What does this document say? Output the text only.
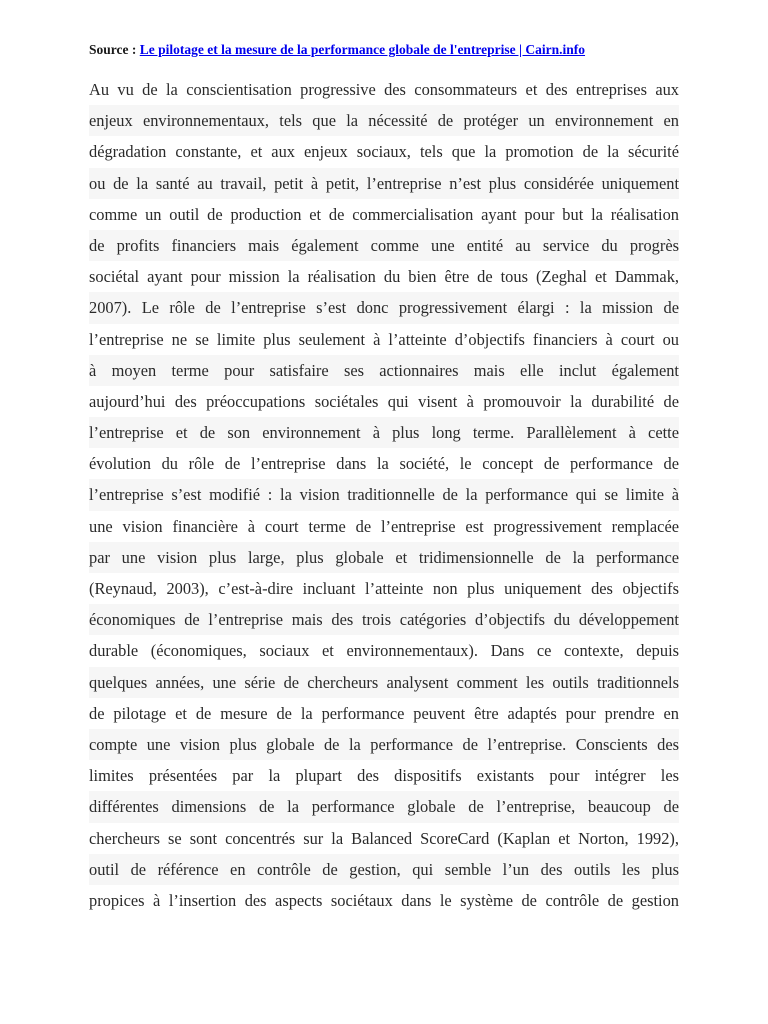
Source : Le pilotage et la mesure de la performance globale de l'entreprise | Cairn.info

Au vu de la conscientisation progressive des consommateurs et des entreprises aux
enjeux environnementaux, tels que la nécessité de protéger un environnement en
dégradation constante, et aux enjeux sociaux, tels que la promotion de la sécurité
ou de la santé au travail, petit à petit, l’entreprise n’est plus considérée uniquement
comme un outil de production et de commercialisation ayant pour but la réalisation
de profits financiers mais également comme une entité au service du progrès
sociétal ayant pour mission la réalisation du bien être de tous (Zeghal et Dammak,
2007). Le rôle de l’entreprise s’est donc progressivement élargi : la mission de
l’entreprise ne se limite plus seulement à l’atteinte d’objectifs financiers à court ou
à moyen terme pour satisfaire ses actionnaires mais elle inclut également
aujourd’hui des préoccupations sociétales qui visent à promouvoir la durabilité de
l’entreprise et de son environnement à plus long terme. Parallèlement à cette
évolution du rôle de l’entreprise dans la société, le concept de performance de
l’entreprise s’est modifié : la vision traditionnelle de la performance qui se limite à
une vision financière à court terme de l’entreprise est progressivement remplacée
par une vision plus large, plus globale et tridimensionnelle de la performance
(Reynaud, 2003), c’est-à-dire incluant l’atteinte non plus uniquement des objectifs
économiques de l’entreprise mais des trois catégories d’objectifs du développement
durable (économiques, sociaux et environnementaux). Dans ce contexte, depuis
quelques années, une série de chercheurs analysent comment les outils traditionnels
de pilotage et de mesure de la performance peuvent être adaptés pour prendre en
compte une vision plus globale de la performance de l’entreprise. Conscients des
limites présentées par la plupart des dispositifs existants pour intégrer les
différentes dimensions de la performance globale de l’entreprise, beaucoup de
chercheurs se sont concentrés sur la Balanced ScoreCard (Kaplan et Norton, 1992),
outil de référence en contrôle de gestion, qui semble l’un des outils les plus
propices à l’insertion des aspects sociétaux dans le système de contrôle de gestion
